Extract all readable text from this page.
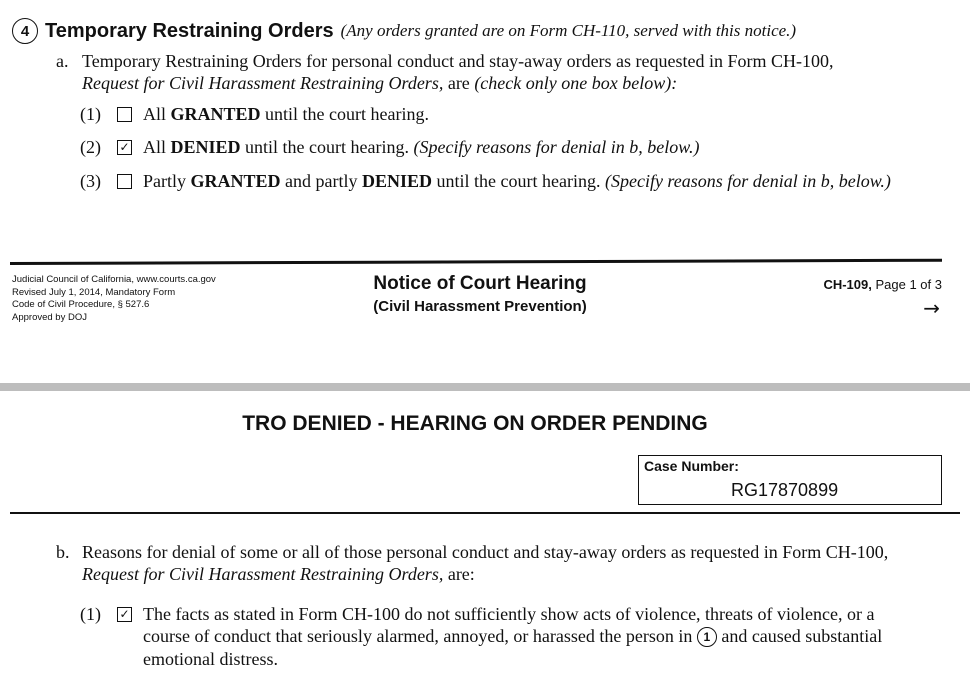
4 Temporary Restraining Orders (Any orders granted are on Form CH-110, served with this notice.)
a. Temporary Restraining Orders for personal conduct and stay-away orders as requested in Form CH-100,
Request for Civil Harassment Restraining Orders, are (check only one box below):
(1) All GRANTED until the court hearing.
(2) ✓ All DENIED until the court hearing. (Specify reasons for denial in b, below.)
(3) Partly GRANTED and partly DENIED until the court hearing. (Specify reasons for denial in b, below.)
Judicial Council of California, www.courts.ca.gov
Revised July 1, 2014, Mandatory Form
Code of Civil Procedure, § 527.6
Approved by DOJ
Notice of Court Hearing
(Civil Harassment Prevention)
CH-109, Page 1 of 3
→
TRO DENIED - HEARING ON ORDER PENDING
Case Number:
RG17870899
b. Reasons for denial of some or all of those personal conduct and stay-away orders as requested in Form CH-100,
Request for Civil Harassment Restraining Orders, are:
(1) ✓ The facts as stated in Form CH-100 do not sufficiently show acts of violence, threats of violence, or a
course of conduct that seriously alarmed, annoyed, or harassed the person in 1 and caused substantial
emotional distress.
